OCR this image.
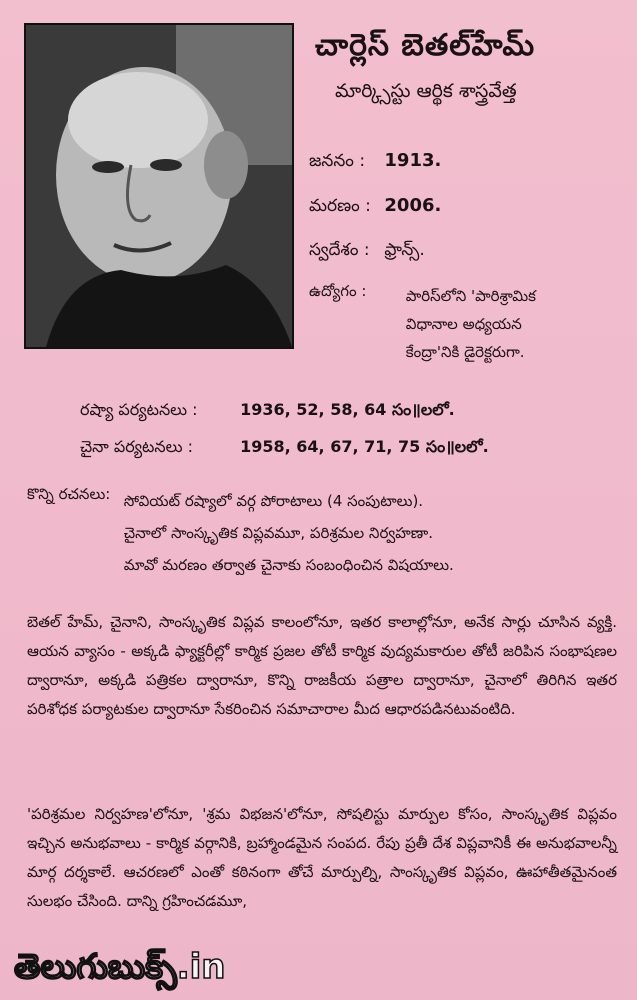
చార్లెస్ బెతల్‌హేమ్
మార్క్సిస్టు ఆర్థిక శాస్త్రవేత్త
జననం : 1913.
మరణం : 2006.
స్వదేశం : ఫ్రాన్స్.
ఉద్యోగం :	పారిస్‌లోని 'పారిశ్రామిక
విధానాల అధ్యయన
కేంద్రా'నికి డైరెక్టరుగా.
రష్యా పర్యటనలు :	1936, 52, 58, 64 సం॥లలో.
చైనా పర్యటనలు :	1958, 64, 67, 71, 75 సం॥లలో.
కొన్ని రచనలు: సోవియట్ రష్యాలో వర్గ పోరాటాలు (4 సంపుటాలు).
చైనాలో సాంస్కృతిక విప్లవమూ, పరిశ్రమల నిర్వహణా.
మావో మరణం తర్వాత చైనాకు సంబంధించిన విషయాలు.
బెతల్ హేమ్, చైనాని, సాంస్కృతిక విప్లవ కాలంలోనూ, ఇతర కాలాల్లోనూ, అనేక సార్లు చూసిన వ్యక్తి. ఆయన వ్యాసం - అక్కడి ఫ్యాక్టరీల్లో కార్మిక ప్రజల తోటీ కార్మిక వుద్యమకారుల తోటీ జరిపిన సంభాషణల ద్వారానూ, అక్కడి పత్రికల ద్వారానూ, కొన్ని రాజకీయ పత్రాల ద్వారానూ, చైనాలో తిరిగిన ఇతర పరిశోధక పర్యాటకుల ద్వారానూ సేకరించిన సమాచారాల మీద ఆధారపడినటువంటిది.
'పరిశ్రమల నిర్వహణ'లోనూ, 'శ్రమ విభజన'లోనూ, సోషలిస్టు మార్పుల కోసం, సాంస్కృతిక విప్లవం ఇచ్చిన అనుభవాలు - కార్మిక వర్గానికి, బ్రహ్మాండమైన సంపద. రేపు ప్రతీ దేశ విప్లవానికీ ఈ అనుభవాలన్నీ మార్గ దర్శకాలే. ఆచరణలో ఎంతో కఠినంగా తోచే మార్పుల్ని, సాంస్కృతిక విప్లవం, ఊహాతీతమైనంత సులభం చేసింది. దాన్ని గ్రహించడమూ,
తెలుగుబుక్స్.in
